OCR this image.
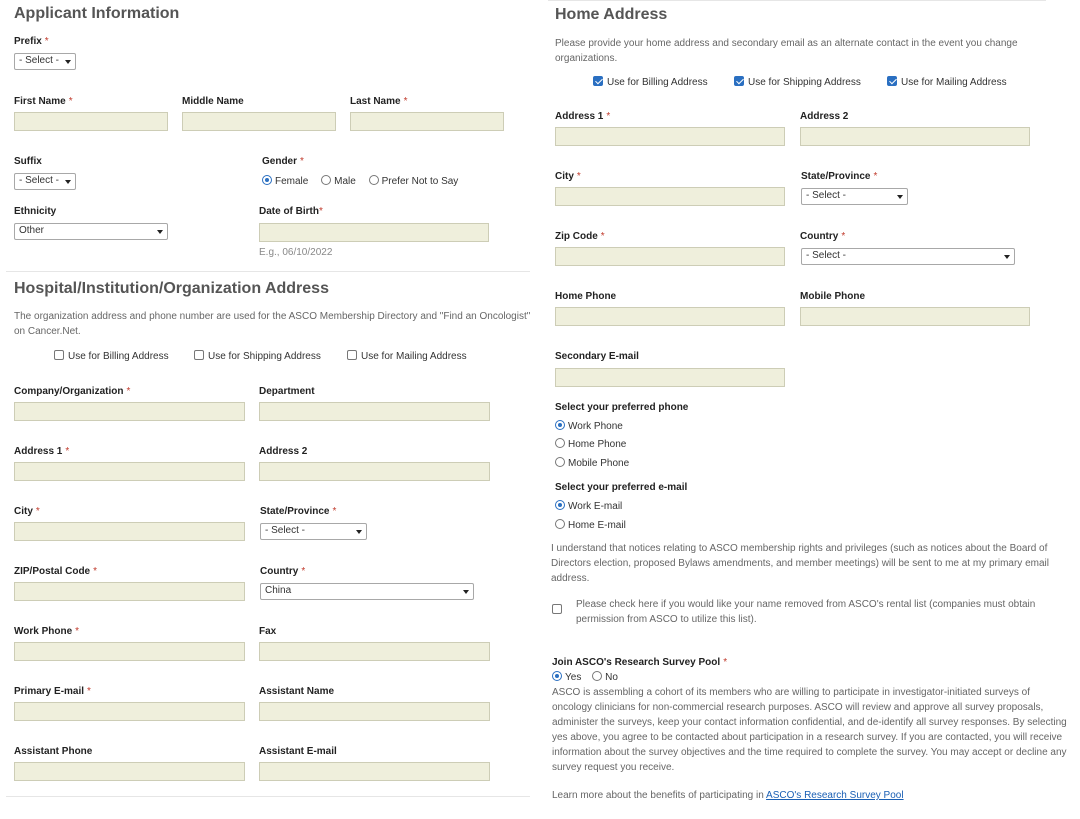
Applicant Information
Prefix *
- Select -
First Name *	Middle Name	Last Name *
Suffix
- Select -
Gender *
Female	Male	Prefer Not to Say
Ethnicity
Other
Date of Birth*
E.g., 06/10/2022
Hospital/Institution/Organization Address
The organization address and phone number are used for the ASCO Membership Directory and "Find an Oncologist" on Cancer.Net.
Use for Billing Address	Use for Shipping Address	Use for Mailing Address
Company/Organization *	Department
Address 1 *	Address 2
City *	State/Province *
- Select -
ZIP/Postal Code *	Country *
China
Work Phone *	Fax
Primary E-mail *	Assistant Name
Assistant Phone	Assistant E-mail
Home Address
Please provide your home address and secondary email as an alternate contact in the event you change organizations.
Use for Billing Address	Use for Shipping Address	Use for Mailing Address
Address 1 *	Address 2
City *	State/Province *
- Select -
Zip Code *	Country *
- Select -
Home Phone	Mobile Phone
Secondary E-mail
Select your preferred phone
Work Phone
Home Phone
Mobile Phone
Select your preferred e-mail
Work E-mail
Home E-mail
I understand that notices relating to ASCO membership rights and privileges (such as notices about the Board of Directors election, proposed Bylaws amendments, and member meetings) will be sent to me at my primary email address.
Please check here if you would like your name removed from ASCO's rental list (companies must obtain permission from ASCO to utilize this list).
Join ASCO's Research Survey Pool *
Yes No
ASCO is assembling a cohort of its members who are willing to participate in investigator-initiated surveys of oncology clinicians for non-commercial research purposes. ASCO will review and approve all survey proposals, administer the surveys, keep your contact information confidential, and de-identify all survey responses. By selecting yes above, you agree to be contacted about participation in a research survey. If you are contacted, you will receive information about the survey objectives and the time required to complete the survey. You may accept or decline any survey request you receive.
Learn more about the benefits of participating in ASCO's Research Survey Pool
